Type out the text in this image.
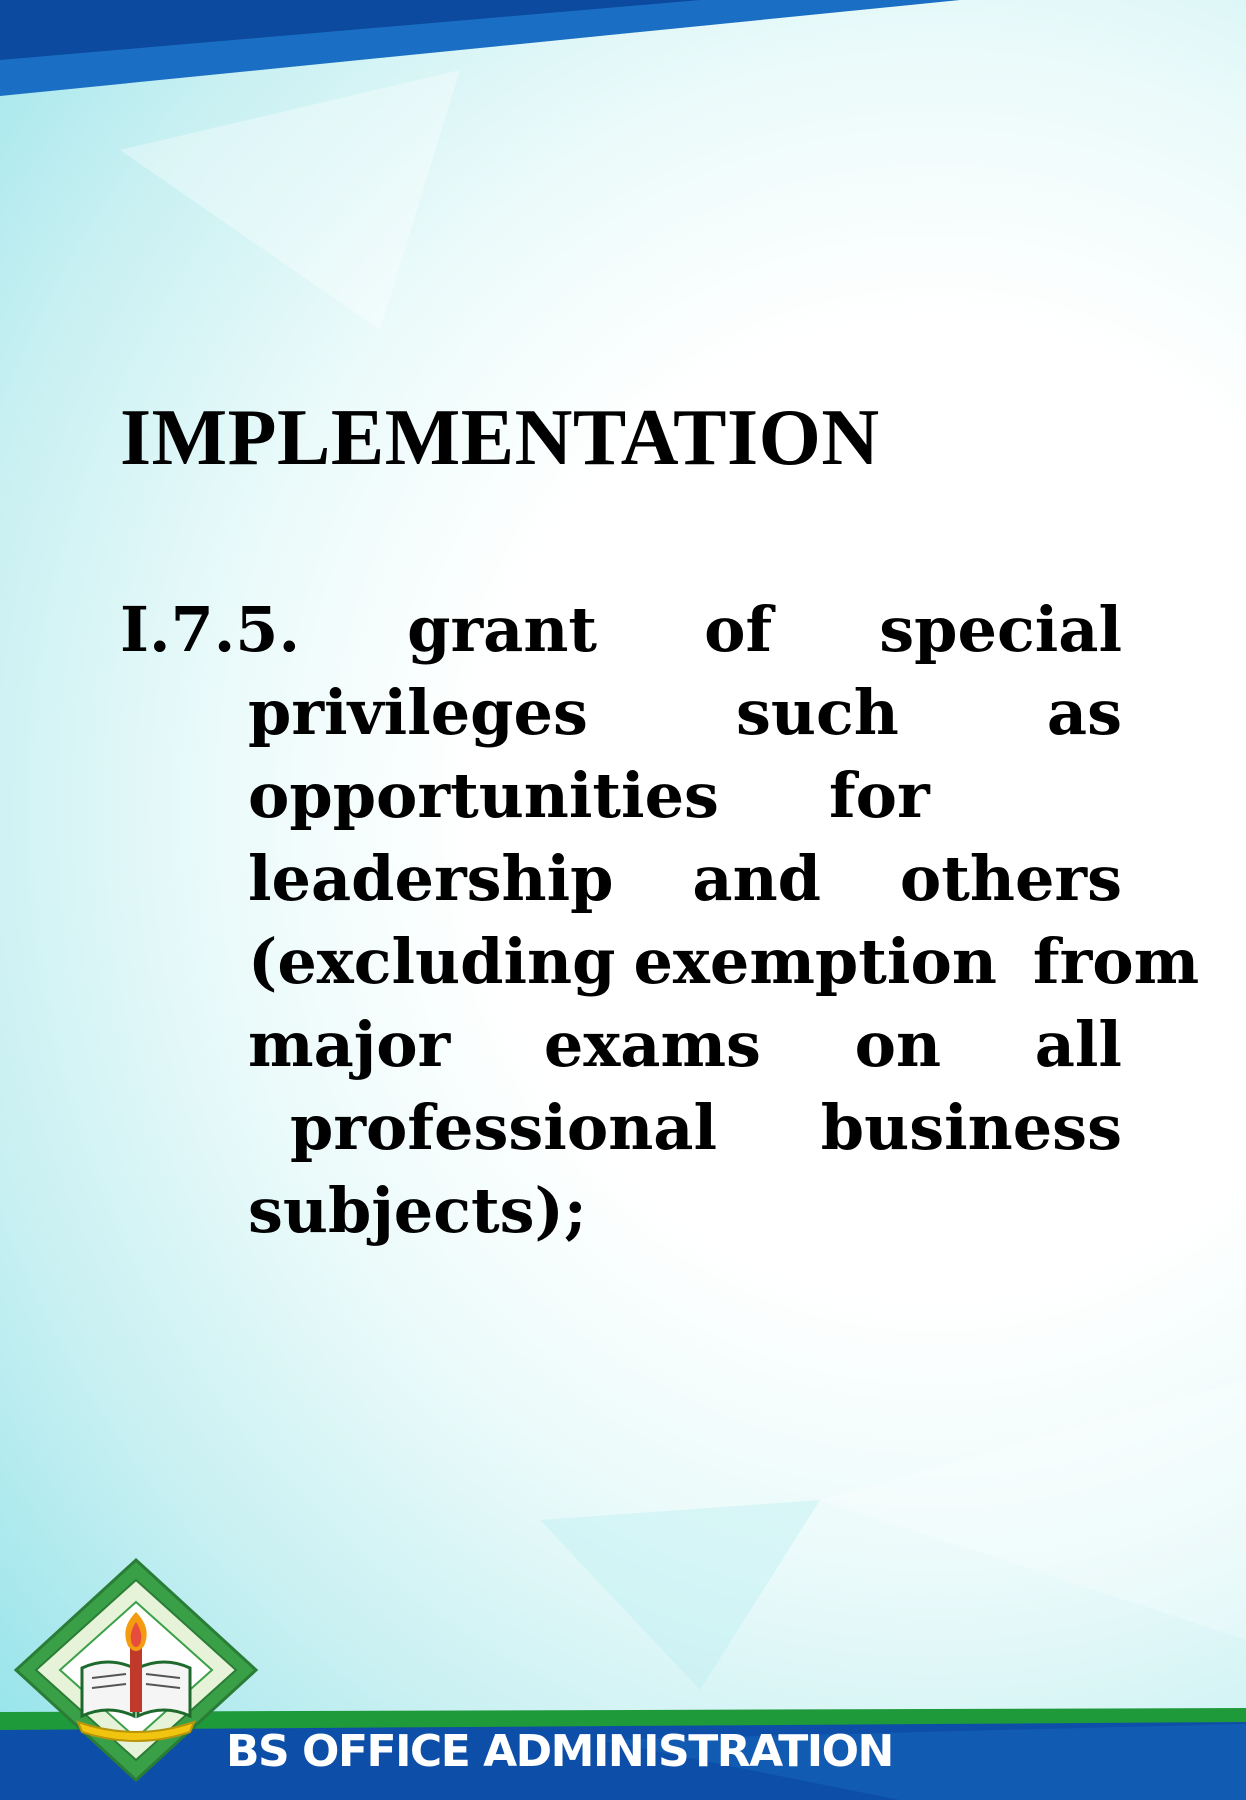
IMPLEMENTATION
I.7.5. grant of special
privileges such as
opportunities for
leadership and others
(excluding exemption from
major exams on all
professional business
subjects);
BS OFFICE ADMINISTRATION
